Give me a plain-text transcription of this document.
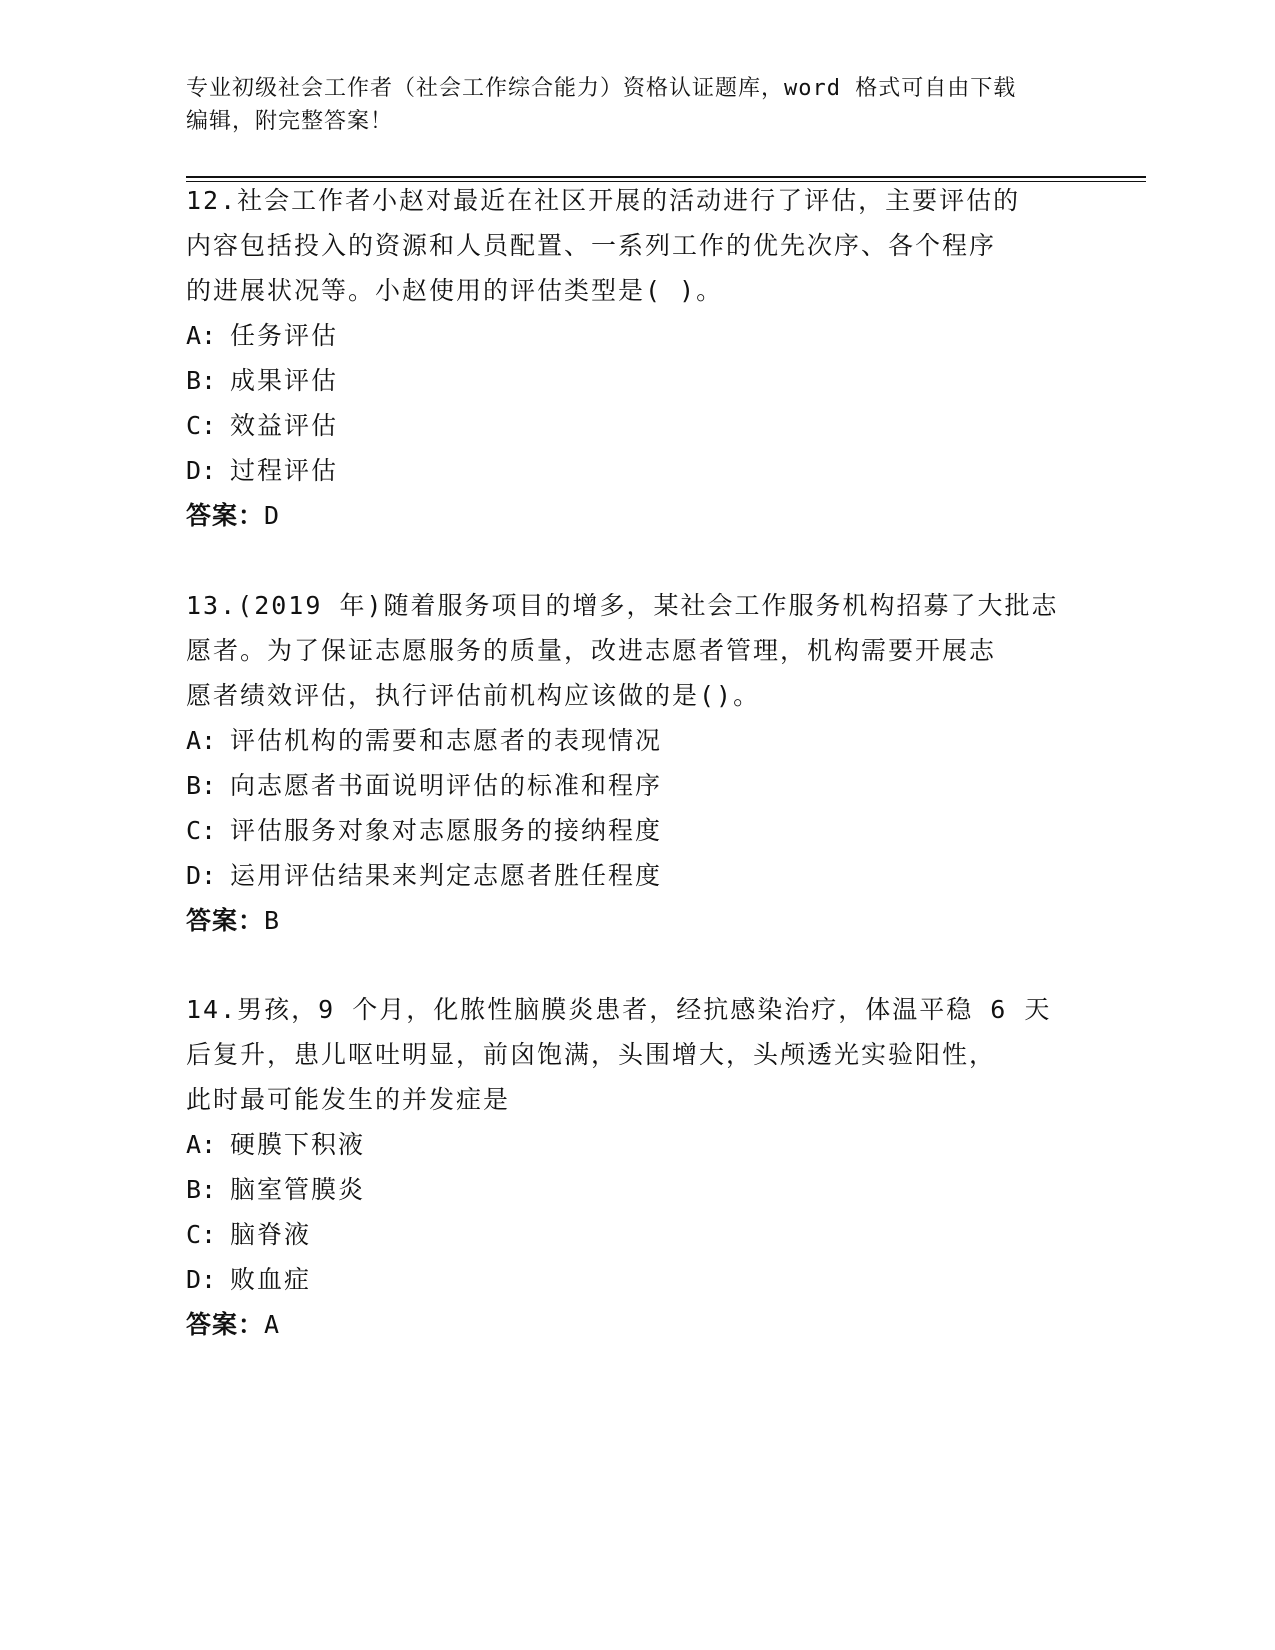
专业初级社会工作者（社会工作综合能力）资格认证题库，word 格式可自由下载
编辑，附完整答案！

12.社会工作者小赵对最近在社区开展的活动进行了评估，主要评估的

内容包括投入的资源和人员配置、一系列工作的优先次序、各个程序

的进展状况等。小赵使用的评估类型是( )。

A: 任务评估

B: 成果评估

C: 效益评估

D: 过程评估

答案：D

13.(2019 年)随着服务项目的增多，某社会工作服务机构招募了大批志

愿者。为了保证志愿服务的质量，改进志愿者管理，机构需要开展志

愿者绩效评估，执行评估前机构应该做的是()。

A: 评估机构的需要和志愿者的表现情况

B: 向志愿者书面说明评估的标准和程序

C: 评估服务对象对志愿服务的接纳程度

D: 运用评估结果来判定志愿者胜任程度

答案：B

14.男孩，9 个月，化脓性脑膜炎患者，经抗感染治疗，体温平稳 6 天

后复升，患儿呕吐明显，前囟饱满，头围增大，头颅透光实验阳性，

此时最可能发生的并发症是

A: 硬膜下积液

B: 脑室管膜炎

C: 脑脊液

D: 败血症

答案：A
